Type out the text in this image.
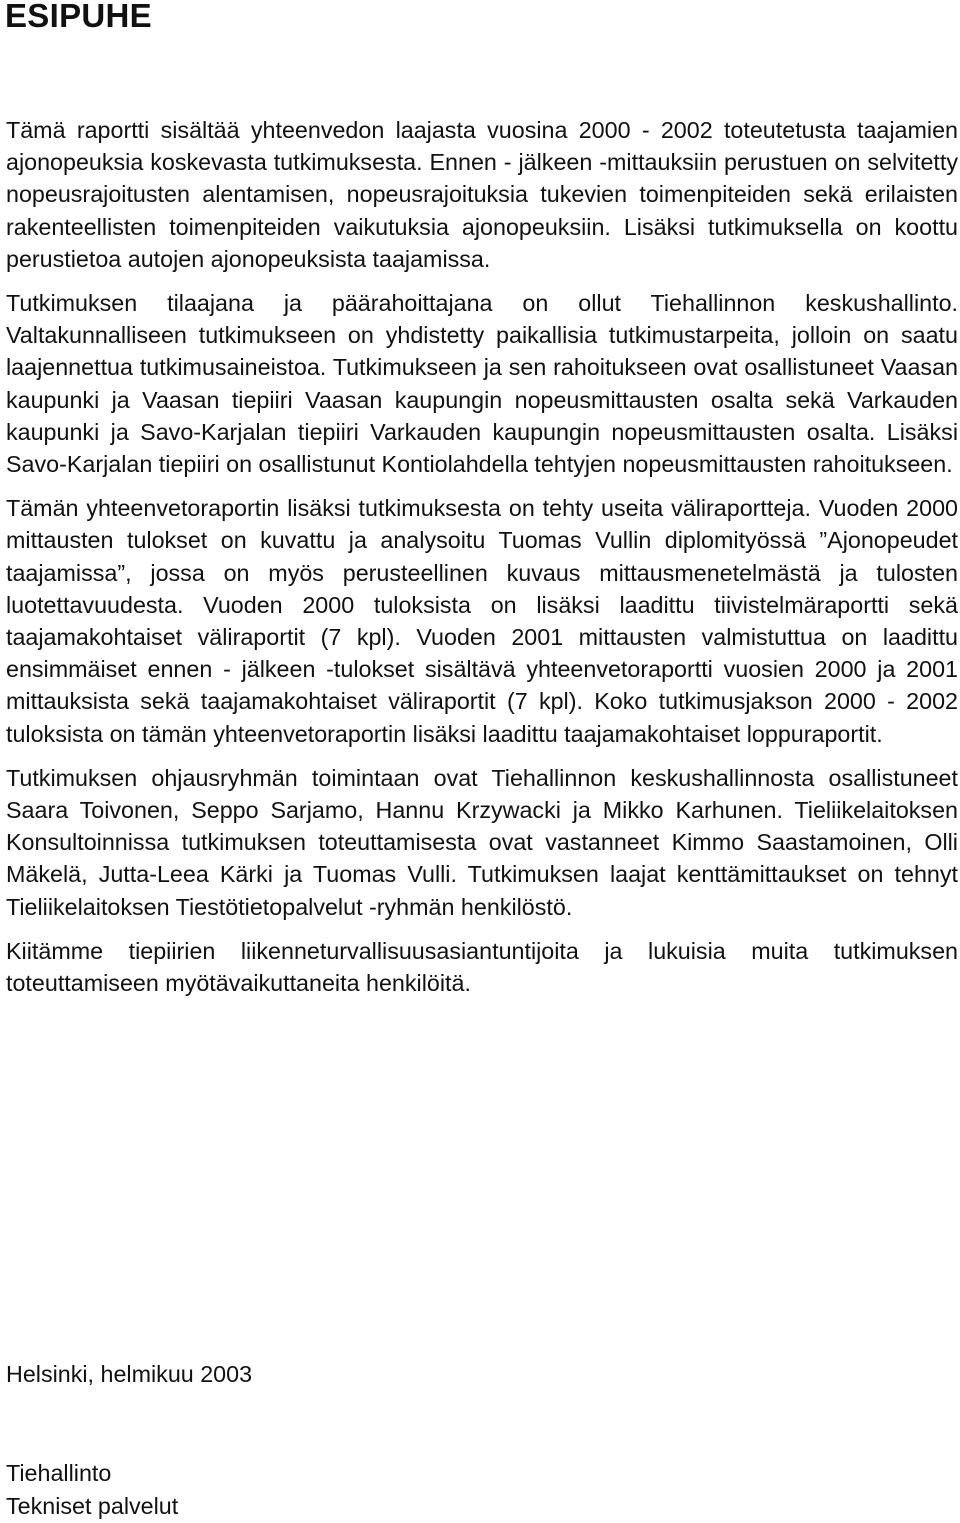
ESIPUHE

Tämä raportti sisältää yhteenvedon laajasta vuosina 2000 - 2002 toteutetusta taajamien ajonopeuksia koskevasta tutkimuksesta. Ennen - jälkeen -mittauksiin perustuen on selvitetty nopeusrajoitusten alentamisen, nopeusrajoituksia tukevien toimenpiteiden sekä erilaisten rakenteellisten toimenpiteiden vaikutuksia ajonopeuksiin. Lisäksi tutkimuksella on koottu perustietoa autojen ajonopeuksista taajamissa.

Tutkimuksen tilaajana ja päärahoittajana on ollut Tiehallinnon keskushallinto. Valtakunnalliseen tutkimukseen on yhdistetty paikallisia tutkimustarpeita, jolloin on saatu laajennettua tutkimusaineistoa. Tutkimukseen ja sen rahoitukseen ovat osallistuneet Vaasan kaupunki ja Vaasan tiepiiri Vaasan kaupungin nopeusmittausten osalta sekä Varkauden kaupunki ja Savo-Karjalan tiepiiri Varkauden kaupungin nopeusmittausten osalta. Lisäksi Savo-Karjalan tiepiiri on osallistunut Kontiolahdella tehtyjen nopeusmittausten rahoitukseen.

Tämän yhteenvetoraportin lisäksi tutkimuksesta on tehty useita väliraportteja. Vuoden 2000 mittausten tulokset on kuvattu ja analysoitu Tuomas Vullin diplomityössä ”Ajonopeudet taajamissa”, jossa on myös perusteellinen kuvaus mittausmenetelmästä ja tulosten luotettavuudesta. Vuoden 2000 tuloksista on lisäksi laadittu tiivistelmäraportti sekä taajamakohtaiset väliraportit (7 kpl). Vuoden 2001 mittausten valmistuttua on laadittu ensimmäiset ennen - jälkeen -tulokset sisältävä yhteenvetoraportti vuosien 2000 ja 2001 mittauksista sekä taajamakohtaiset väliraportit (7 kpl). Koko tutkimusjakson 2000 - 2002 tuloksista on tämän yhteenvetoraportin lisäksi laadittu taajamakohtaiset loppuraportit.

Tutkimuksen ohjausryhmän toimintaan ovat Tiehallinnon keskushallinnosta osallistuneet Saara Toivonen, Seppo Sarjamo, Hannu Krzywacki ja Mikko Karhunen. Tieliikelaitoksen Konsultoinnissa tutkimuksen toteuttamisesta ovat vastanneet Kimmo Saastamoinen, Olli Mäkelä, Jutta-Leea Kärki ja Tuomas Vulli. Tutkimuksen laajat kenttämittaukset on tehnyt Tieliikelaitoksen Tiestötietopalvelut -ryhmän henkilöstö.

Kiitämme tiepiirien liikenneturvallisuusasiantuntijoita ja lukuisia muita tutkimuksen toteuttamiseen myötävaikuttaneita henkilöitä.

Helsinki, helmikuu 2003

Tiehallinto
Tekniset palvelut
